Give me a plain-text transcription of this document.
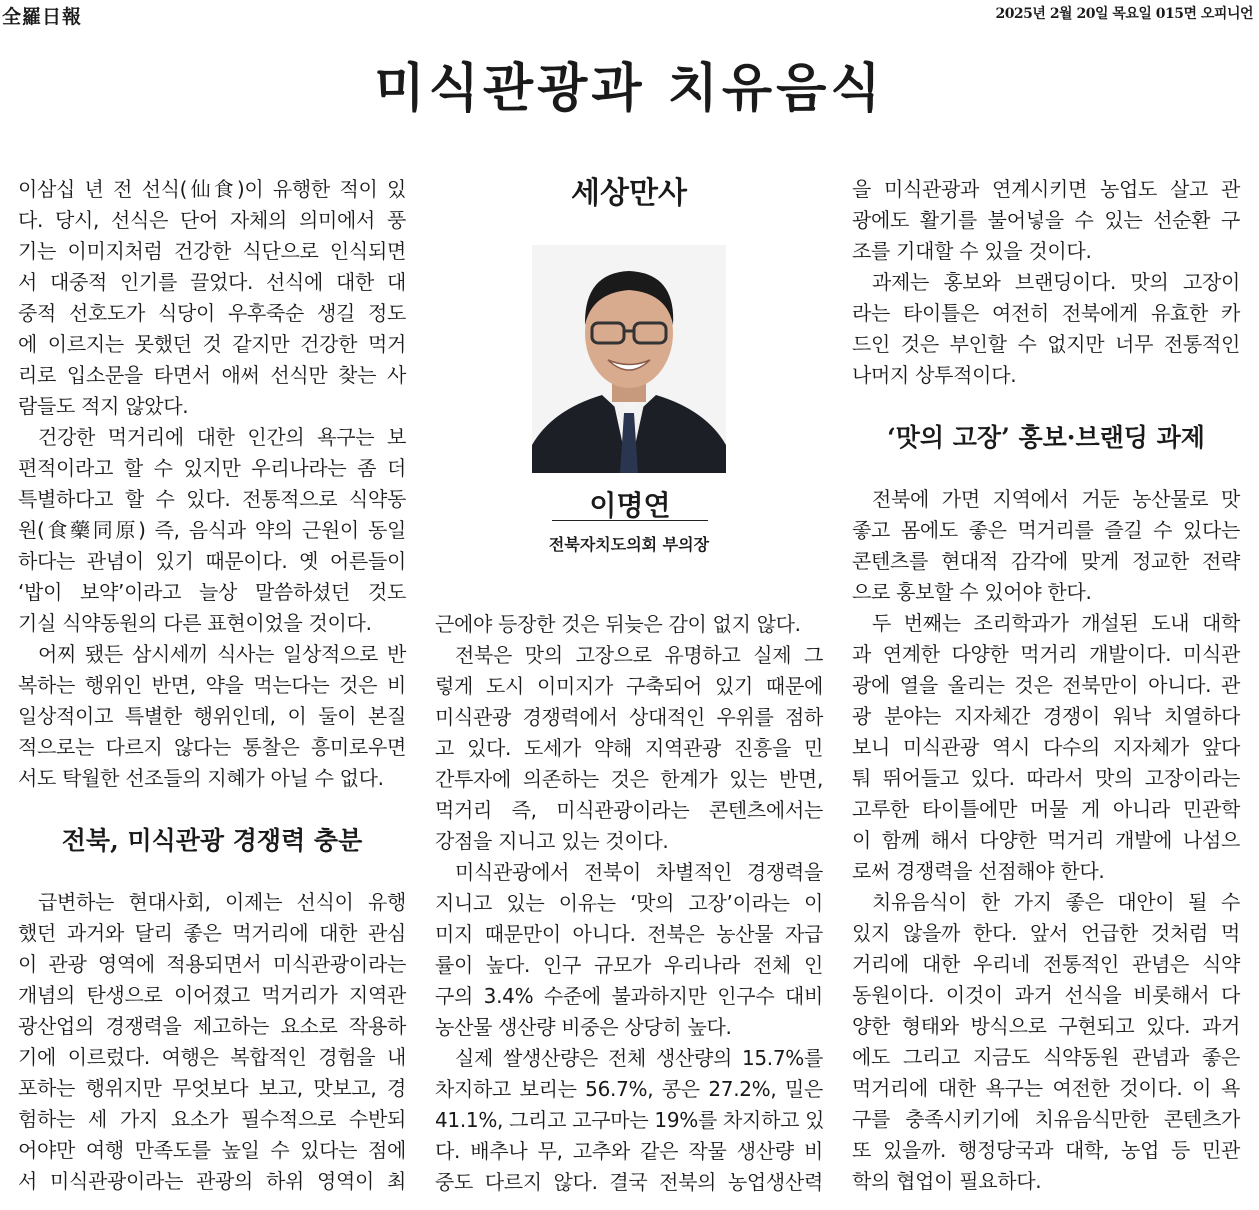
全羅日報	2025년 2월 20일 목요일 015면 오피니언
미식관광과 치유음식
세상만사
이명연
전북자치도의회 부의장
이삼십 년 전 선식(仙食)이 유행한 적이 있
다. 당시, 선식은 단어 자체의 의미에서 풍
기는 이미지처럼 건강한 식단으로 인식되면
서 대중적 인기를 끌었다. 선식에 대한 대
중적 선호도가 식당이 우후죽순 생길 정도
에 이르지는 못했던 것 같지만 건강한 먹거
리로 입소문을 타면서 애써 선식만 찾는 사
람들도 적지 않았다.
건강한 먹거리에 대한 인간의 욕구는 보
편적이라고 할 수 있지만 우리나라는 좀 더
특별하다고 할 수 있다. 전통적으로 식약동
원(食藥同原) 즉, 음식과 약의 근원이 동일
하다는 관념이 있기 때문이다. 옛 어른들이
‘밥이 보약’이라고 늘상 말씀하셨던 것도
기실 식약동원의 다른 표현이었을 것이다.
어찌 됐든 삼시세끼 식사는 일상적으로 반
복하는 행위인 반면, 약을 먹는다는 것은 비
일상적이고 특별한 행위인데, 이 둘이 본질
적으로는 다르지 않다는 통찰은 흥미로우면
서도 탁월한 선조들의 지혜가 아닐 수 없다.
전북, 미식관광 경쟁력 충분
급변하는 현대사회, 이제는 선식이 유행
했던 과거와 달리 좋은 먹거리에 대한 관심
이 관광 영역에 적용되면서 미식관광이라는
개념의 탄생으로 이어졌고 먹거리가 지역관
광산업의 경쟁력을 제고하는 요소로 작용하
기에 이르렀다. 여행은 복합적인 경험을 내
포하는 행위지만 무엇보다 보고, 맛보고, 경
험하는 세 가지 요소가 필수적으로 수반되
어야만 여행 만족도를 높일 수 있다는 점에
서 미식관광이라는 관광의 하위 영역이 최
근에야 등장한 것은 뒤늦은 감이 없지 않다.
전북은 맛의 고장으로 유명하고 실제 그
렇게 도시 이미지가 구축되어 있기 때문에
미식관광 경쟁력에서 상대적인 우위를 점하
고 있다. 도세가 약해 지역관광 진흥을 민
간투자에 의존하는 것은 한계가 있는 반면,
먹거리 즉, 미식관광이라는 콘텐츠에서는
강점을 지니고 있는 것이다.
미식관광에서 전북이 차별적인 경쟁력을
지니고 있는 이유는 ‘맛의 고장’이라는 이
미지 때문만이 아니다. 전북은 농산물 자급
률이 높다. 인구 규모가 우리나라 전체 인
구의 3.4% 수준에 불과하지만 인구수 대비
농산물 생산량 비중은 상당히 높다.
실제 쌀생산량은 전체 생산량의 15.7%를
차지하고 보리는 56.7%, 콩은 27.2%, 밀은
41.1%, 그리고 고구마는 19%를 차지하고 있
다. 배추나 무, 고추와 같은 작물 생산량 비
중도 다르지 않다. 결국 전북의 농업생산력
을 미식관광과 연계시키면 농업도 살고 관
광에도 활기를 불어넣을 수 있는 선순환 구
조를 기대할 수 있을 것이다.
과제는 홍보와 브랜딩이다. 맛의 고장이
라는 타이틀은 여전히 전북에게 유효한 카
드인 것은 부인할 수 없지만 너무 전통적인
나머지 상투적이다.
‘맛의 고장’ 홍보·브랜딩 과제
전북에 가면 지역에서 거둔 농산물로 맛
좋고 몸에도 좋은 먹거리를 즐길 수 있다는
콘텐츠를 현대적 감각에 맞게 정교한 전략
으로 홍보할 수 있어야 한다.
두 번째는 조리학과가 개설된 도내 대학
과 연계한 다양한 먹거리 개발이다. 미식관
광에 열을 올리는 것은 전북만이 아니다. 관
광 분야는 지자체간 경쟁이 워낙 치열하다
보니 미식관광 역시 다수의 지자체가 앞다
퉈 뛰어들고 있다. 따라서 맛의 고장이라는
고루한 타이틀에만 머물 게 아니라 민관학
이 함께 해서 다양한 먹거리 개발에 나섬으
로써 경쟁력을 선점해야 한다.
치유음식이 한 가지 좋은 대안이 될 수
있지 않을까 한다. 앞서 언급한 것처럼 먹
거리에 대한 우리네 전통적인 관념은 식약
동원이다. 이것이 과거 선식을 비롯해서 다
양한 형태와 방식으로 구현되고 있다. 과거
에도 그리고 지금도 식약동원 관념과 좋은
먹거리에 대한 욕구는 여전한 것이다. 이 욕
구를 충족시키기에 치유음식만한 콘텐츠가
또 있을까. 행정당국과 대학, 농업 등 민관
학의 협업이 필요하다.
